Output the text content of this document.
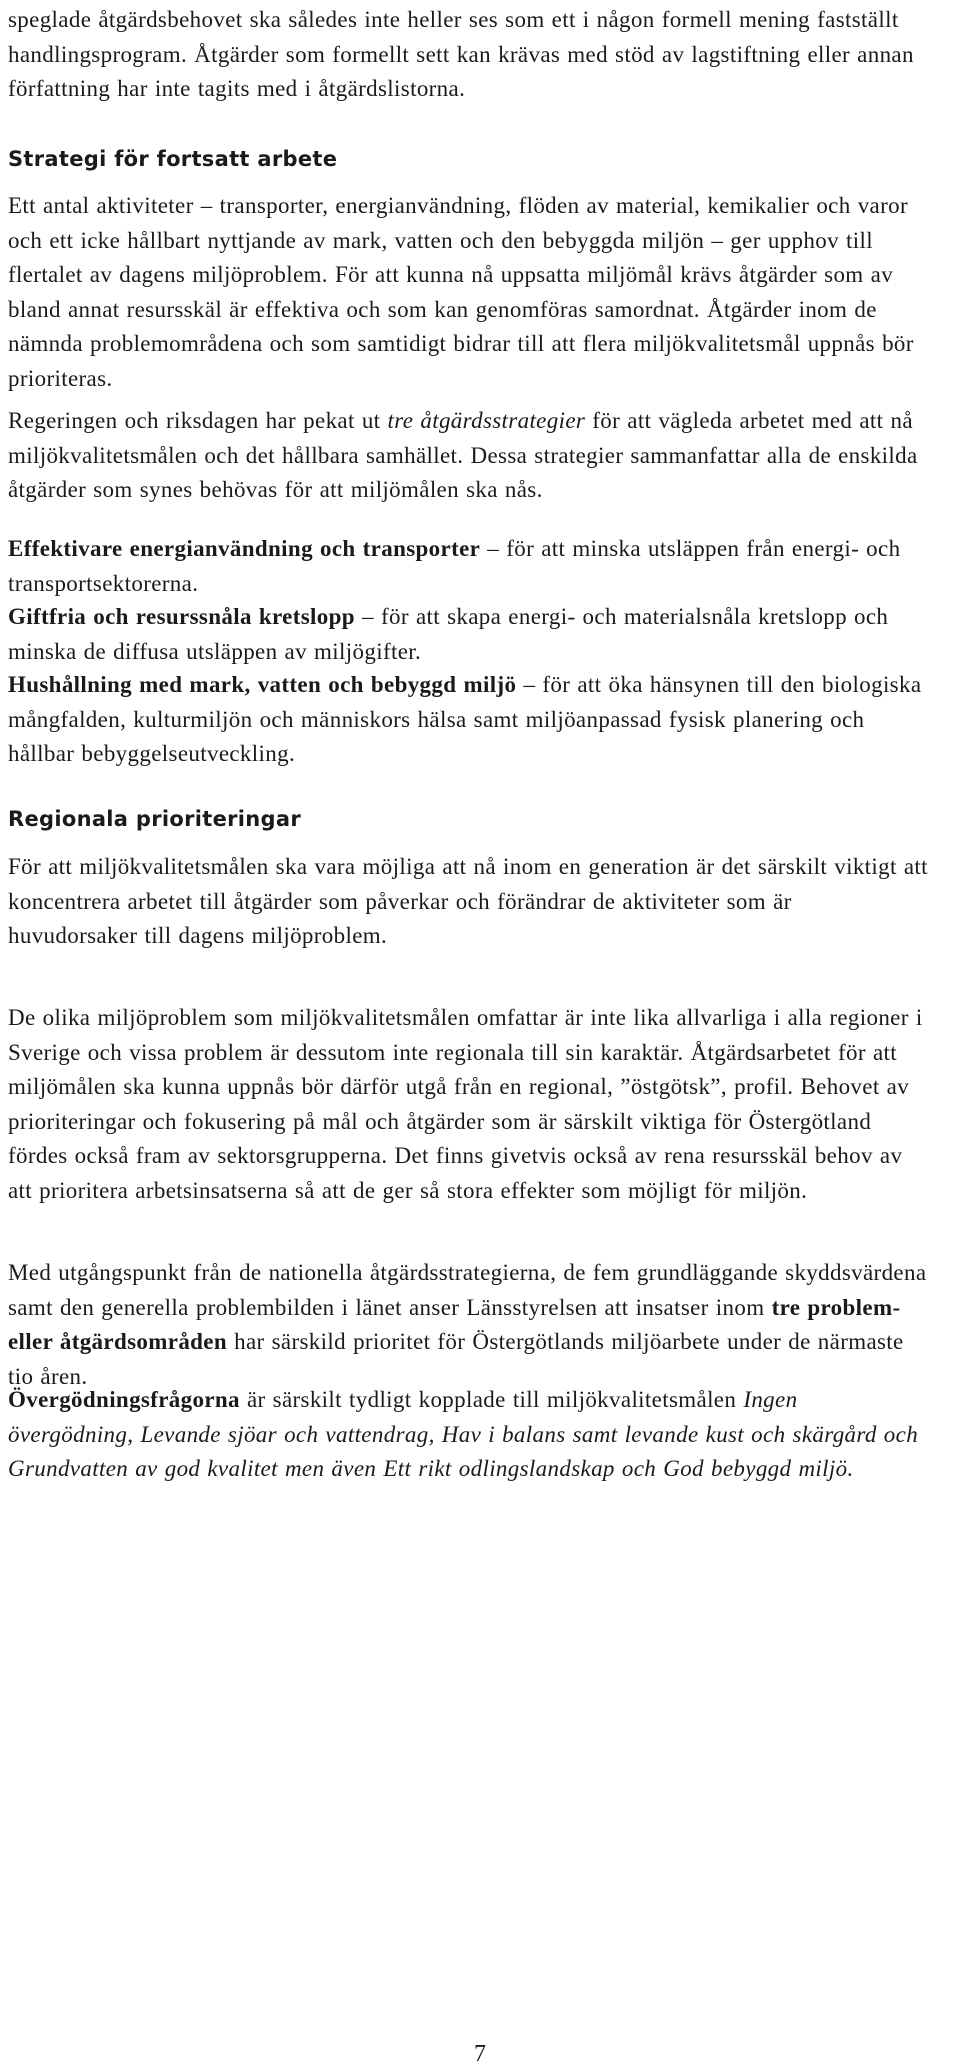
speglade åtgärdsbehovet ska således inte heller ses som ett i någon formell mening fastställt handlingsprogram. Åtgärder som formellt sett kan krävas med stöd av lagstiftning eller annan författning har inte tagits med i åtgärdslistorna.

Strategi för fortsatt arbete

Ett antal aktiviteter – transporter, energianvändning, flöden av material, kemikalier och varor och ett icke hållbart nyttjande av mark, vatten och den bebyggda miljön – ger upphov till flertalet av dagens miljöproblem. För att kunna nå uppsatta miljömål krävs åtgärder som av bland annat resursskäl är effektiva och som kan genomföras samordnat. Åtgärder inom de nämnda problemområdena och som samtidigt bidrar till att flera miljökvalitetsmål uppnås bör prioriteras.

Regeringen och riksdagen har pekat ut tre åtgärdsstrategier för att vägleda arbetet med att nå miljökvalitetsmålen och det hållbara samhället. Dessa strategier sammanfattar alla de enskilda åtgärder som synes behövas för att miljömålen ska nås.

Effektivare energianvändning och transporter – för att minska utsläppen från energi- och transportsektorerna.

Giftfria och resurssnåla kretslopp – för att skapa energi- och materialsnåla kretslopp och minska de diffusa utsläppen av miljögifter.

Hushållning med mark, vatten och bebyggd miljö – för att öka hänsynen till den biologiska mångfalden, kulturmiljön och människors hälsa samt miljöanpassad fysisk planering och hållbar bebyggelseutveckling.

Regionala prioriteringar

För att miljökvalitetsmålen ska vara möjliga att nå inom en generation är det särskilt viktigt att koncentrera arbetet till åtgärder som påverkar och förändrar de aktiviteter som är huvudorsaker till dagens miljöproblem.

De olika miljöproblem som miljökvalitetsmålen omfattar är inte lika allvarliga i alla regioner i Sverige och vissa problem är dessutom inte regionala till sin karaktär. Åtgärdsarbetet för att miljömålen ska kunna uppnås bör därför utgå från en regional, ”östgötsk”, profil. Behovet av prioriteringar och fokusering på mål och åtgärder som är särskilt viktiga för Östergötland fördes också fram av sektorsgrupperna. Det finns givetvis också av rena resursskäl behov av att prioritera arbetsinsatserna så att de ger så stora effekter som möjligt för miljön.

Med utgångspunkt från de nationella åtgärdsstrategierna, de fem grundläggande skyddsvärdena samt den generella problembilden i länet anser Länsstyrelsen att insatser inom tre problem- eller åtgärdsområden har särskild prioritet för Östergötlands miljöarbete under de närmaste tio åren.

Övergödningsfrågorna är särskilt tydligt kopplade till miljökvalitetsmålen Ingen övergödning, Levande sjöar och vattendrag, Hav i balans samt levande kust och skärgård och Grundvatten av god kvalitet men även Ett rikt odlingslandskap och God bebyggd miljö.

7
